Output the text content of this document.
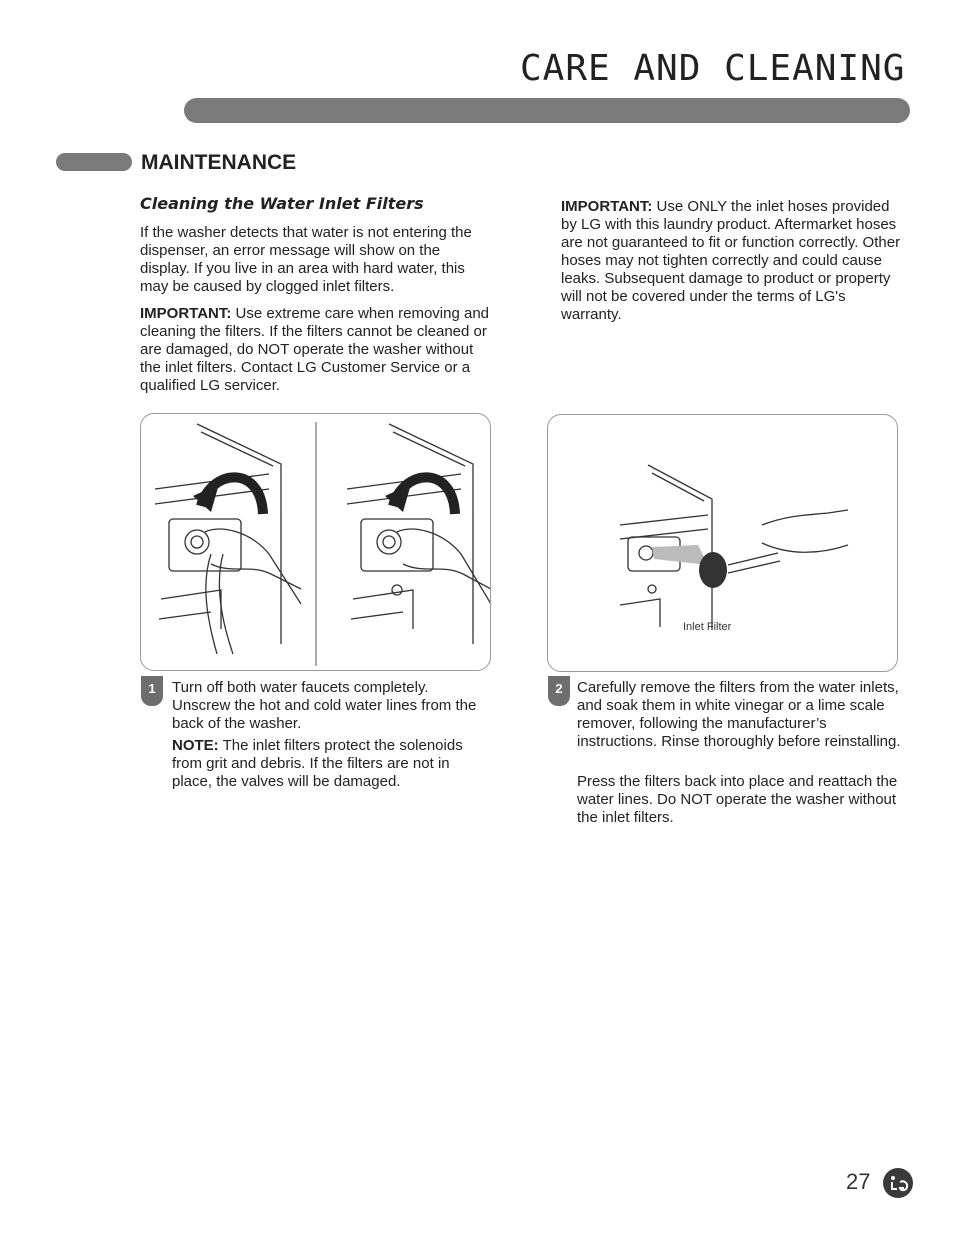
CARE AND CLEANING
MAINTENANCE
Cleaning the Water Inlet Filters

If the washer detects that water is not entering the dispenser, an error message will show on the display. If you live in an area with hard water, this may be caused by clogged inlet filters.

IMPORTANT: Use extreme care when removing and cleaning the filters. If the filters cannot be cleaned or are damaged, do NOT operate the washer without the inlet filters. Contact LG Customer Service or a qualified LG servicer.

IMPORTANT: Use ONLY the inlet hoses provided by LG with this laundry product. Aftermarket hoses are not guaranteed to fit or function correctly. Other hoses may not tighten correctly and could cause leaks. Subsequent damage to product or property will not be covered under the terms of LG's warranty.

1
Inlet Filter
2

Turn off both water faucets completely. Unscrew the hot and cold water lines from the back of the washer.

NOTE: The inlet filters protect the solenoids from grit and debris. If the filters are not in place, the valves will be damaged.

Carefully remove the filters from the water inlets, and soak them in white vinegar or a lime scale remover, following the manufacturer’s instructions. Rinse thoroughly before reinstalling.

Press the filters back into place and reattach the water lines. Do NOT operate the washer without the inlet filters.

27
